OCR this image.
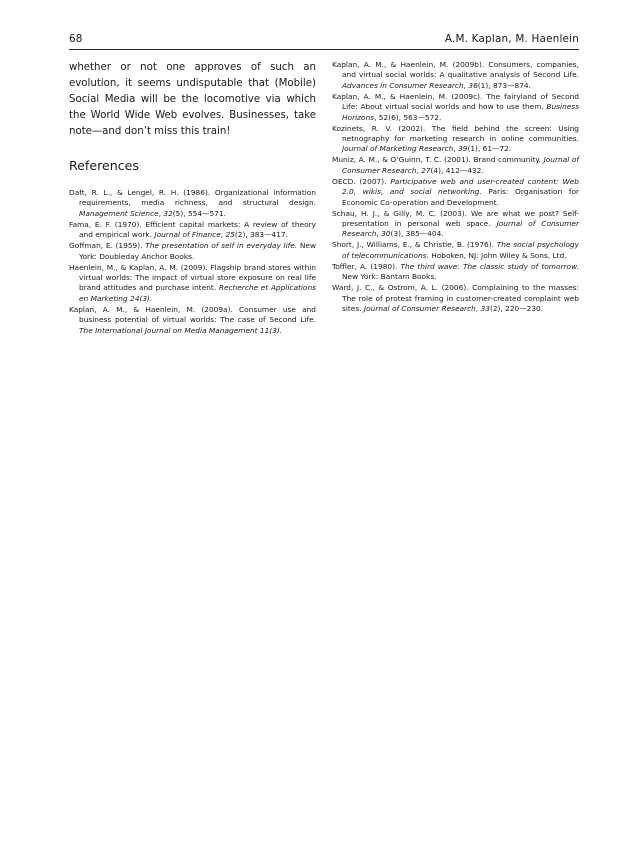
68	A.M. Kaplan, M. Haenlein

whether or not one approves of such an evolution, it seems undisputable that (Mobile) Social Media will be the locomotive via which the World Wide Web evolves. Businesses, take note—and don’t miss this train!

References
Daft, R. L., & Lengel, R. H. (1986). Organizational information requirements, media richness, and structural design. Management Science, 32(5), 554—571.
Fama, E. F. (1970). Efficient capital markets: A review of theory and empirical work. Journal of Finance, 25(2), 383—417.
Goffman, E. (1959). The presentation of self in everyday life. New York: Doubleday Anchor Books.
Haenlein, M., & Kaplan, A. M. (2009). Flagship brand stores within virtual worlds: The impact of virtual store exposure on real life brand attitudes and purchase intent. Recherche et Applications en Marketing 24(3).
Kaplan, A. M., & Haenlein, M. (2009a). Consumer use and business potential of virtual worlds: The case of Second Life. The International Journal on Media Management 11(3).
Kaplan, A. M., & Haenlein, M. (2009b). Consumers, companies, and virtual social worlds: A qualitative analysis of Second Life. Advances in Consumer Research, 36(1), 873—874.
Kaplan, A. M., & Haenlein, M. (2009c). The fairyland of Second Life: About virtual social worlds and how to use them. Business Horizons, 52(6), 563—572.
Kozinets, R. V. (2002). The field behind the screen: Using netnography for marketing research in online communities. Journal of Marketing Research, 39(1), 61—72.
Muniz, A. M., & O’Guinn, T. C. (2001). Brand community. Journal of Consumer Research, 27(4), 412—432.
OECD. (2007). Participative web and user-created content: Web 2.0, wikis, and social networking. Paris: Organisation for Economic Co-operation and Development.
Schau, H. J., & Gilly, M. C. (2003). We are what we post? Self-presentation in personal web space. Journal of Consumer Research, 30(3), 385—404.
Short, J., Williams, E., & Christie, B. (1976). The social psychology of telecommunications. Hoboken, NJ: John Wiley & Sons, Ltd.
Toffler, A. (1980). The third wave: The classic study of tomorrow. New York: Bantam Books.
Ward, J. C., & Ostrom, A. L. (2006). Complaining to the masses: The role of protest framing in customer-created complaint web sites. Journal of Consumer Research, 33(2), 220—230.
